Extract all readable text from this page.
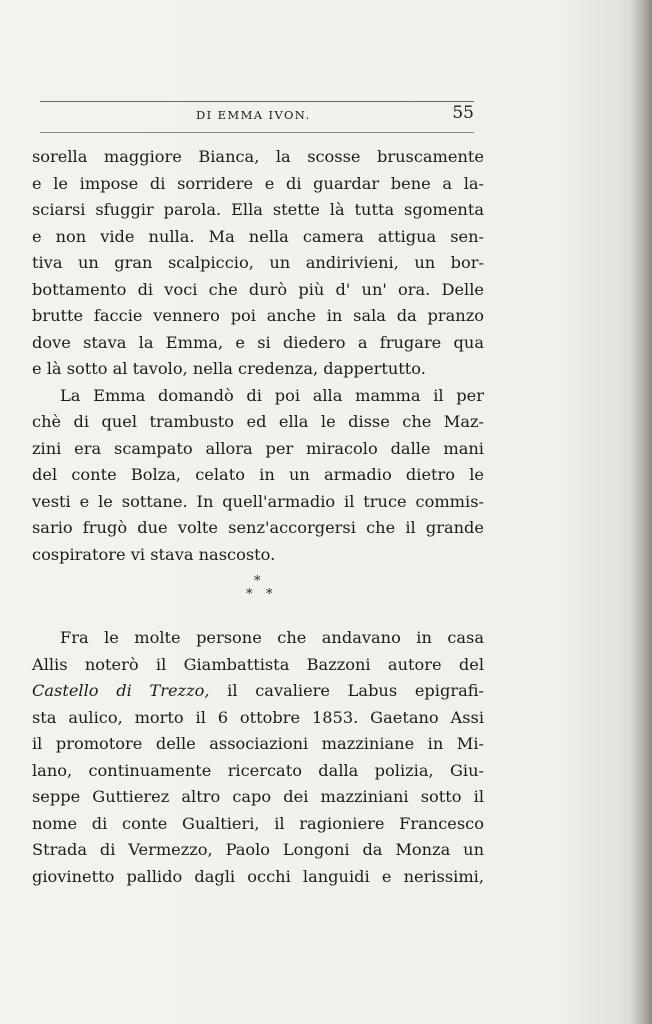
DI EMMA IVON.	55
sorella maggiore Bianca, la scosse bruscamente
e le impose di sorridere e di guardar bene a la-
sciarsi sfuggir parola. Ella stette là tutta sgomenta
e non vide nulla. Ma nella camera attigua sen-
tiva un gran scalpiccio, un andirivieni, un bor-
bottamento di voci che durò più d' un' ora. Delle
brutte faccie vennero poi anche in sala da pranzo
dove stava la Emma, e si diedero a frugare qua
e là sotto al tavolo, nella credenza, dappertutto.
La Emma domandò di poi alla mamma il per
chè di quel trambusto ed ella le disse che Maz-
zini era scampato allora per miracolo dalle mani
del conte Bolza, celato in un armadio dietro le
vesti e le sottane. In quell'armadio il truce commis-
sario frugò due volte senz'accorgersi che il grande
cospiratore vi stava nascosto.
*
* *
Fra le molte persone che andavano in casa
Allis noterò il Giambattista Bazzoni autore del
Castello di Trezzo, il cavaliere Labus epigrafi-
sta aulico, morto il 6 ottobre 1853. Gaetano Assi
il promotore delle associazioni mazziniane in Mi-
lano, continuamente ricercato dalla polizia, Giu-
seppe Guttierez altro capo dei mazziniani sotto il
nome di conte Gualtieri, il ragioniere Francesco
Strada di Vermezzo, Paolo Longoni da Monza un
giovinetto pallido dagli occhi languidi e nerissimi,
